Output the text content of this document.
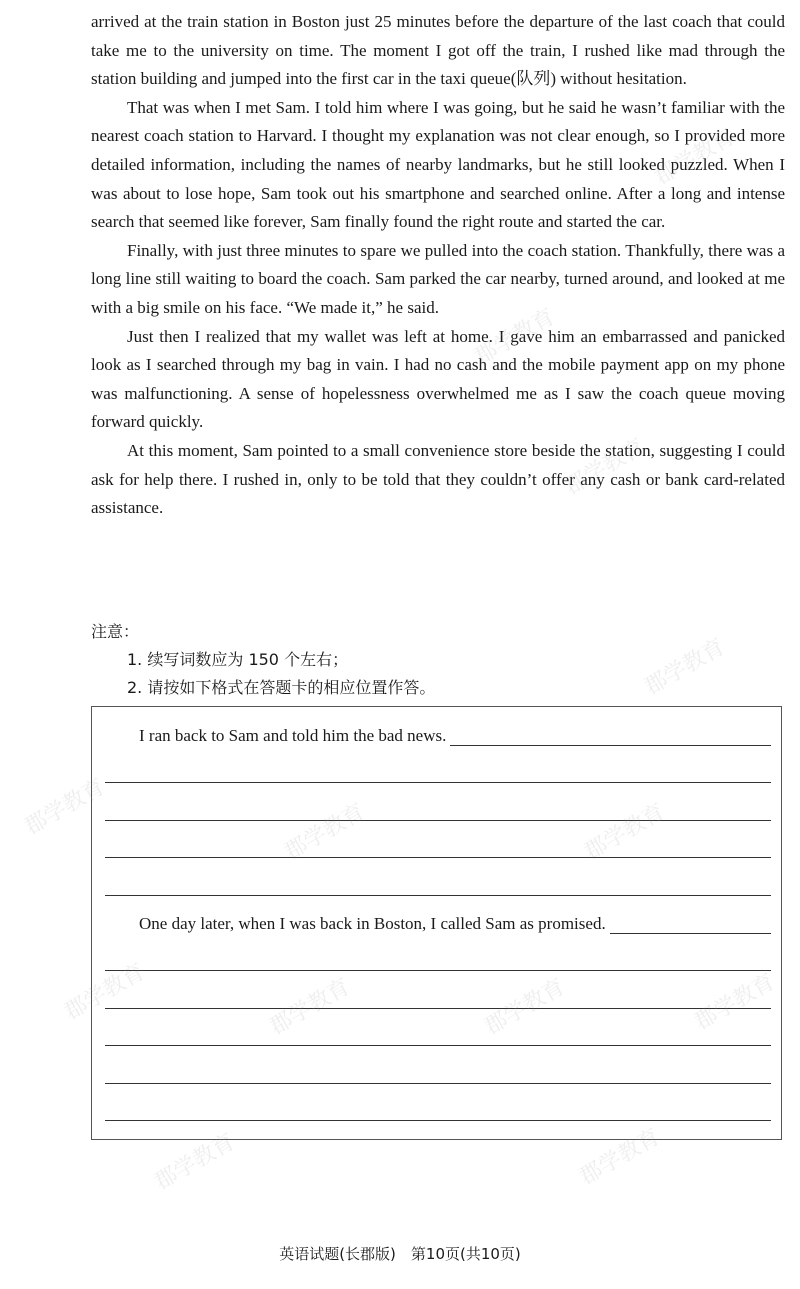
arrived at the train station in Boston just 25 minutes before the departure of the last coach that could take me to the university on time. The moment I got off the train, I rushed like mad through the station building and jumped into the first car in the taxi queue(队列) without hesitation.

That was when I met Sam. I told him where I was going, but he said he wasn’t familiar with the nearest coach station to Harvard. I thought my explanation was not clear enough, so I provided more detailed information, including the names of nearby landmarks, but he still looked puzzled. When I was about to lose hope, Sam took out his smartphone and searched online. After a long and intense search that seemed like forever, Sam finally found the right route and started the car.

Finally, with just three minutes to spare we pulled into the coach station. Thankfully, there was a long line still waiting to board the coach. Sam parked the car nearby, turned around, and looked at me with a big smile on his face. “We made it,” he said.

Just then I realized that my wallet was left at home. I gave him an embarrassed and panicked look as I searched through my bag in vain. I had no cash and the mobile payment app on my phone was malfunctioning. A sense of hopelessness overwhelmed me as I saw the coach queue moving forward quickly.

At this moment, Sam pointed to a small convenience store beside the station, suggesting I could ask for help there. I rushed in, only to be told that they couldn’t offer any cash or bank card-related assistance.

注意：

1. 续写词数应为 150 个左右；

2. 请按如下格式在答题卡的相应位置作答。

I ran back to Sam and told him the bad news.
One day later, when I was back in Boston, I called Sam as promised.
英语试题(长郡版)　第10页(共10页)
郡学教育
郡学教育
郡学教育
郡学教育
郡学教育	郡学教育	郡学教育
郡学教育	郡学教育	郡学教育	郡学教育
郡学教育	郡学教育
